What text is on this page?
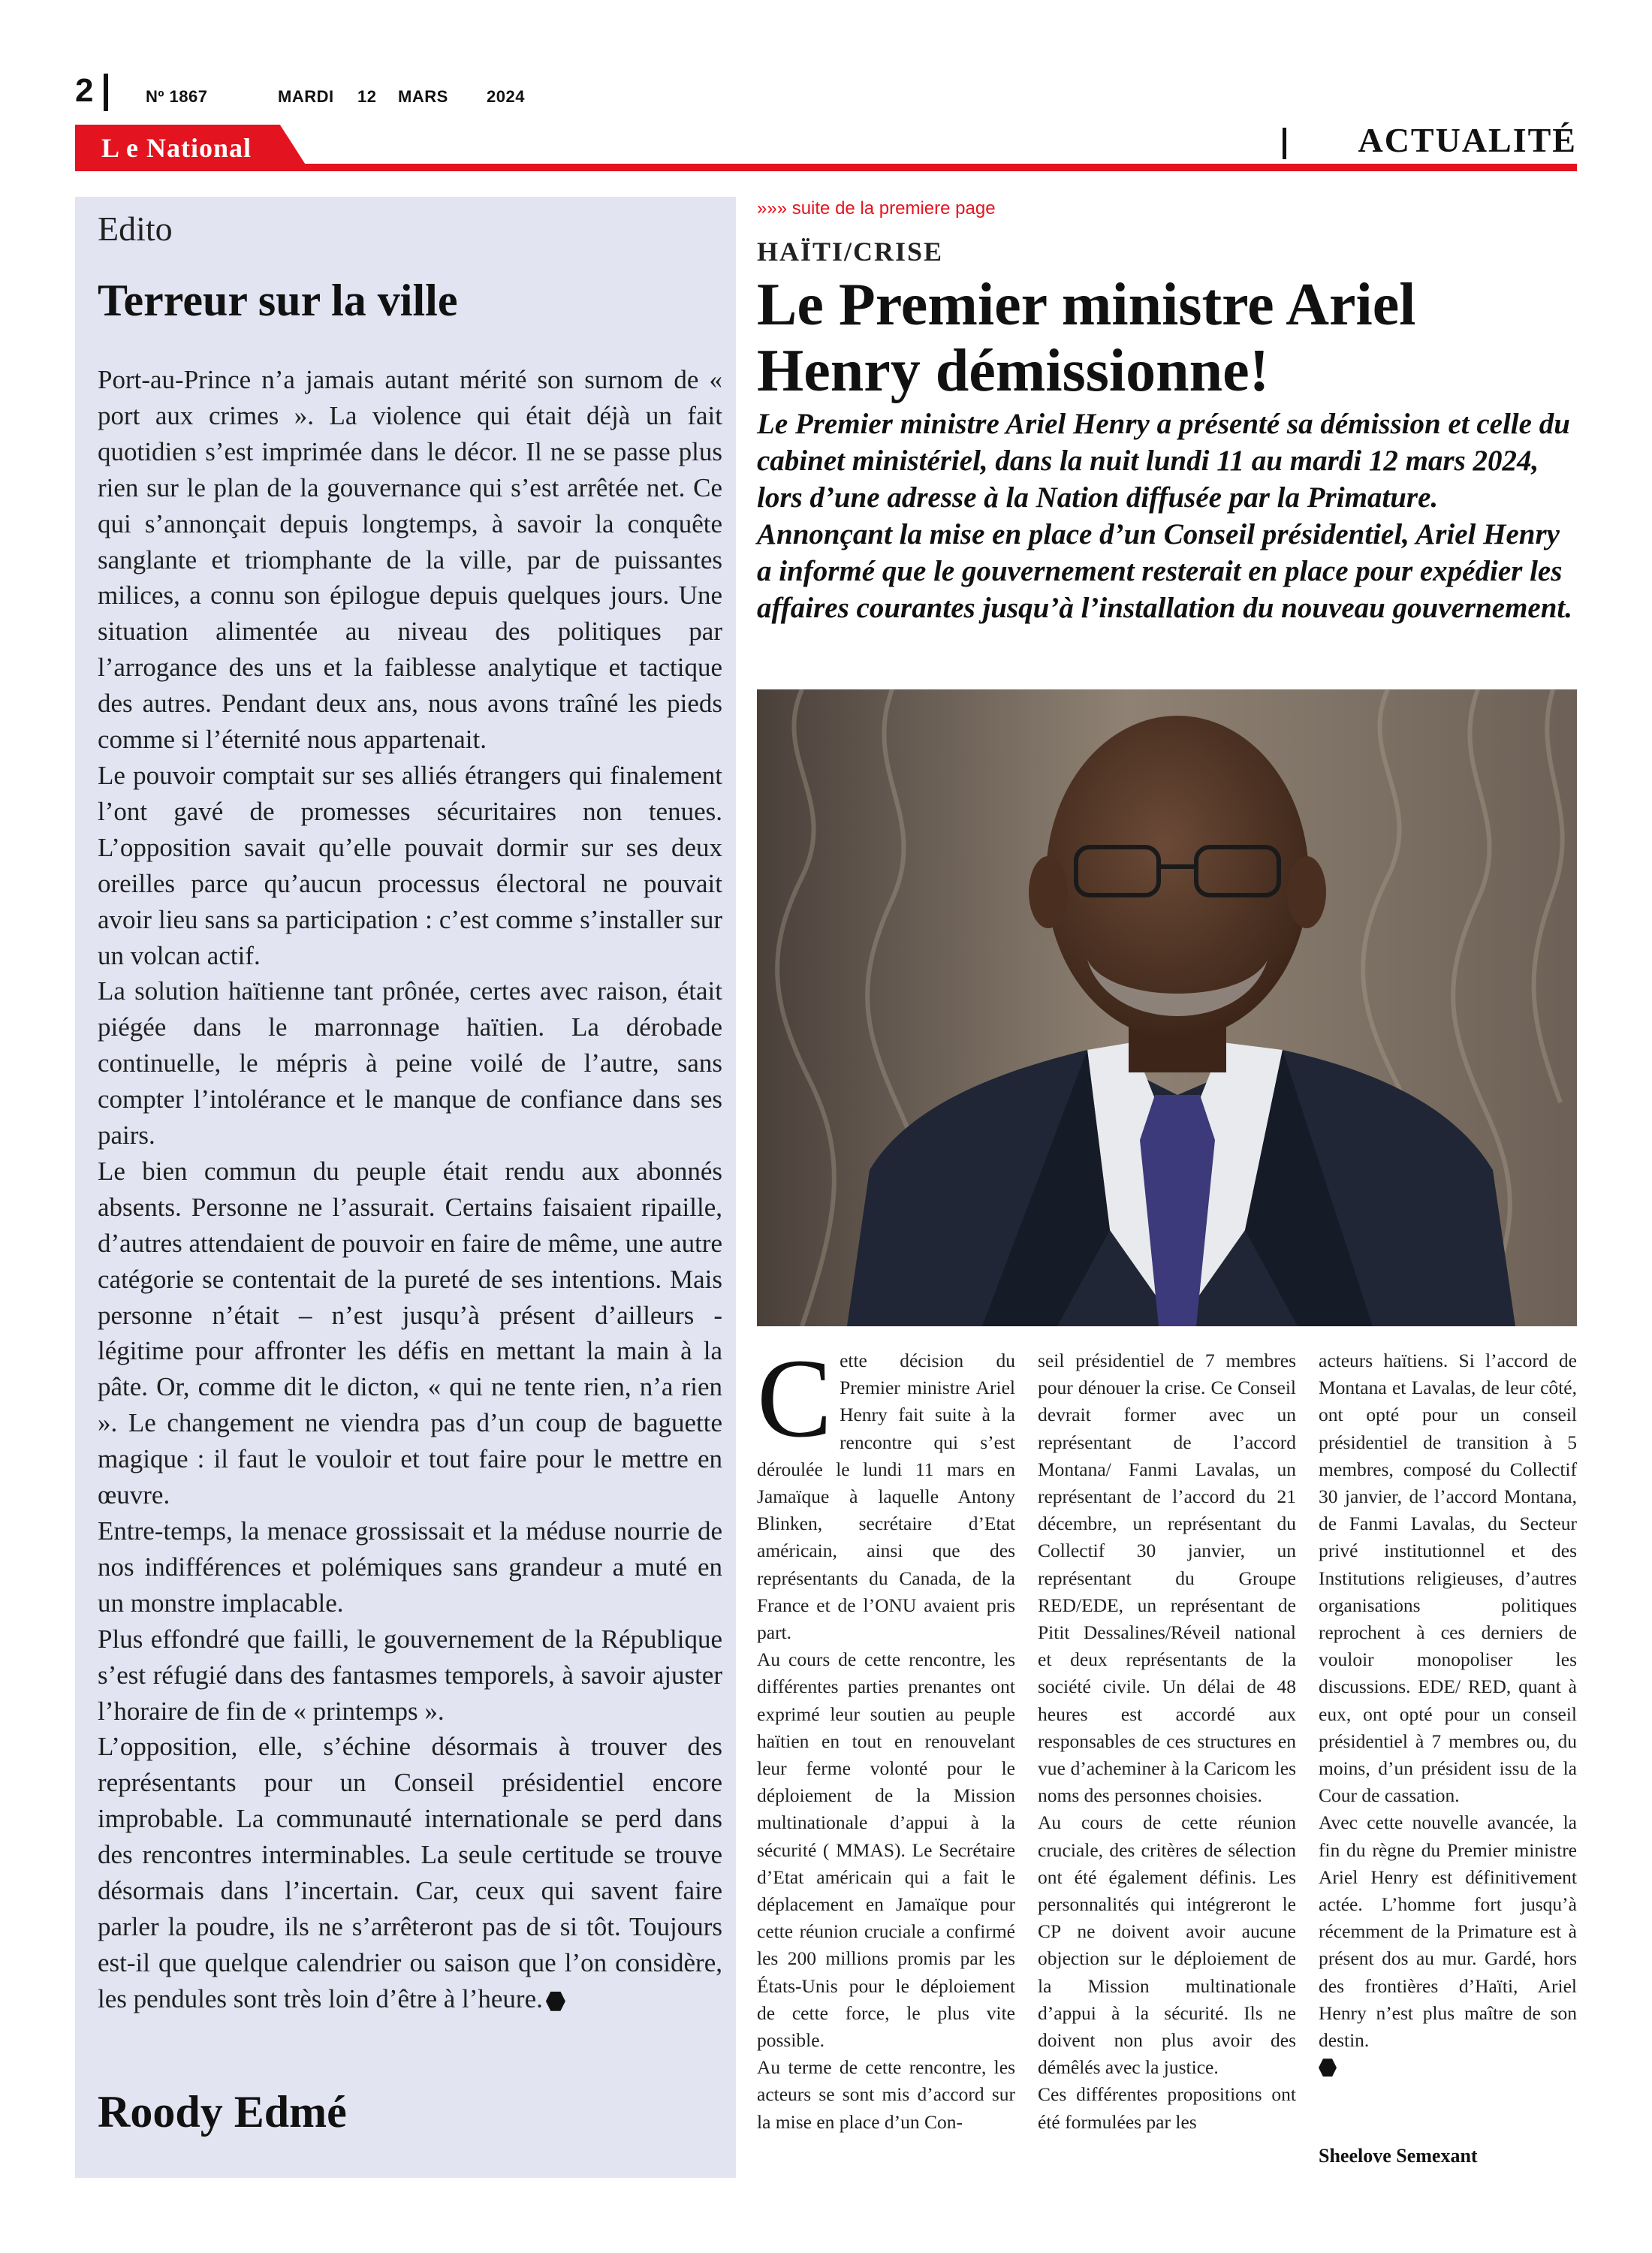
2	Nº 1867	MARDI 12 MARS 2024
L e National	ACTUALITÉ
Edito
Terreur sur la ville

Port-au-Prince n’a jamais autant mérité son surnom de « port aux crimes ». La violence qui était déjà un fait quotidien s’est imprimée dans le décor. Il ne se passe plus rien sur le plan de la gouvernance qui s’est arrêtée net. Ce qui s’annonçait depuis longtemps, à savoir la conquête sanglante et triomphante de la ville, par de puissantes milices, a connu son épilogue depuis quelques jours. Une situation alimentée au niveau des politiques par l’arrogance des uns et la faiblesse analytique et tactique des autres. Pendant deux ans, nous avons traîné les pieds comme si l’éternité nous appartenait.

Le pouvoir comptait sur ses alliés étrangers qui finalement l’ont gavé de promesses sécuritaires non tenues. L’opposition savait qu’elle pouvait dormir sur ses deux oreilles parce qu’aucun processus électoral ne pouvait avoir lieu sans sa participation : c’est comme s’installer sur un volcan actif.

La solution haïtienne tant prônée, certes avec raison, était piégée dans le marronnage haïtien. La dérobade continuelle, le mépris à peine voilé de l’autre, sans compter l’intolérance et le manque de confiance dans ses pairs.

Le bien commun du peuple était rendu aux abonnés absents. Personne ne l’assurait. Certains faisaient ripaille, d’autres attendaient de pouvoir en faire de même, une autre catégorie se contentait de la pureté de ses intentions. Mais personne n’était – n’est jusqu’à présent d’ailleurs - légitime pour affronter les défis en mettant la main à la pâte. Or, comme dit le dicton, « qui ne tente rien, n’a rien ». Le changement ne viendra pas d’un coup de baguette magique : il faut le vouloir et tout faire pour le mettre en œuvre.

Entre-temps, la menace grossissait et la méduse nourrie de nos indifférences et polémiques sans grandeur a muté en un monstre implacable.

Plus effondré que failli, le gouvernement de la République s’est réfugié dans des fantasmes temporels, à savoir ajuster l’horaire de fin de « printemps ».

L’opposition, elle, s’échine désormais à trouver des représentants pour un Conseil présidentiel encore improbable. La communauté internationale se perd dans des rencontres interminables. La seule certitude se trouve désormais dans l’incertain. Car, ceux qui savent faire parler la poudre, ils ne s’arrêteront pas de si tôt. Toujours est-il que quelque calendrier ou saison que l’on considère, les pendules sont très loin d’être à l’heure.

Roody Edmé
»»» suite de la premiere page
HAÏTI/CRISE
Le Premier ministre Ariel Henry démissionne!
Le Premier ministre Ariel Henry a présenté sa démission et celle du cabinet ministériel, dans la nuit lundi 11 au mardi 12 mars 2024, lors d’une adresse à la Nation diffusée par la Primature. Annonçant la mise en place d’un Conseil présidentiel, Ariel Henry a informé que le gouvernement resterait en place pour expédier les affaires courantes jusqu’à l’installation du nouveau gouvernement.
C ette décision du Premier ministre Ariel Henry fait suite à la rencontre qui s’est déroulée le lundi 11 mars en Jamaïque à laquelle Antony Blinken, secrétaire d’Etat américain, ainsi que des représentants du Canada, de la France et de l’ONU avaient pris part.

Au cours de cette rencontre, les différentes parties prenantes ont exprimé leur soutien au peuple haïtien en tout en renouvelant leur ferme volonté pour le déploiement de la Mission multinationale d’appui à la sécurité ( MMAS). Le Secrétaire d’Etat américain qui a fait le déplacement en Jamaïque pour cette réunion cruciale a confirmé les 200 millions promis par les États-Unis pour le déploiement de cette force, le plus vite possible.

Au terme de cette rencontre, les acteurs se sont mis d’accord sur la mise en place d’un Con-

seil présidentiel de 7 membres pour dénouer la crise. Ce Conseil devrait former avec un représentant de l’accord Montana/ Fanmi Lavalas, un représentant de l’accord du 21 décembre, un représentant du Collectif 30 janvier, un représentant du Groupe RED/EDE, un représentant de Pitit Dessalines/Réveil national et deux représentants de la société civile. Un délai de 48 heures est accordé aux responsables de ces structures en vue d’acheminer à la Caricom les noms des personnes choisies.

Au cours de cette réunion cruciale, des critères de sélection ont été également définis. Les personnalités qui intégreront le CP ne doivent avoir aucune objection sur le déploiement de la Mission multinationale d’appui à la sécurité. Ils ne doivent non plus avoir des démêlés avec la justice.

Ces différentes propositions ont été formulées par les

acteurs haïtiens. Si l’accord de Montana et Lavalas, de leur côté, ont opté pour un conseil présidentiel de transition à 5 membres, composé du Collectif 30 janvier, de l’accord Montana, de Fanmi Lavalas, du Secteur privé institutionnel et des Institutions religieuses, d’autres organisations politiques reprochent à ces derniers de vouloir monopoliser les discussions. EDE/ RED, quant à eux, ont opté pour un conseil présidentiel à 7 membres ou, du moins, d’un président issu de la Cour de cassation.

Avec cette nouvelle avancée, la fin du règne du Premier ministre Ariel Henry est définitivement actée. L’homme fort jusqu’à récemment de la Primature est à présent dos au mur. Gardé, hors des frontières d’Haïti, Ariel Henry n’est plus maître de son destin.

Sheelove Semexant
